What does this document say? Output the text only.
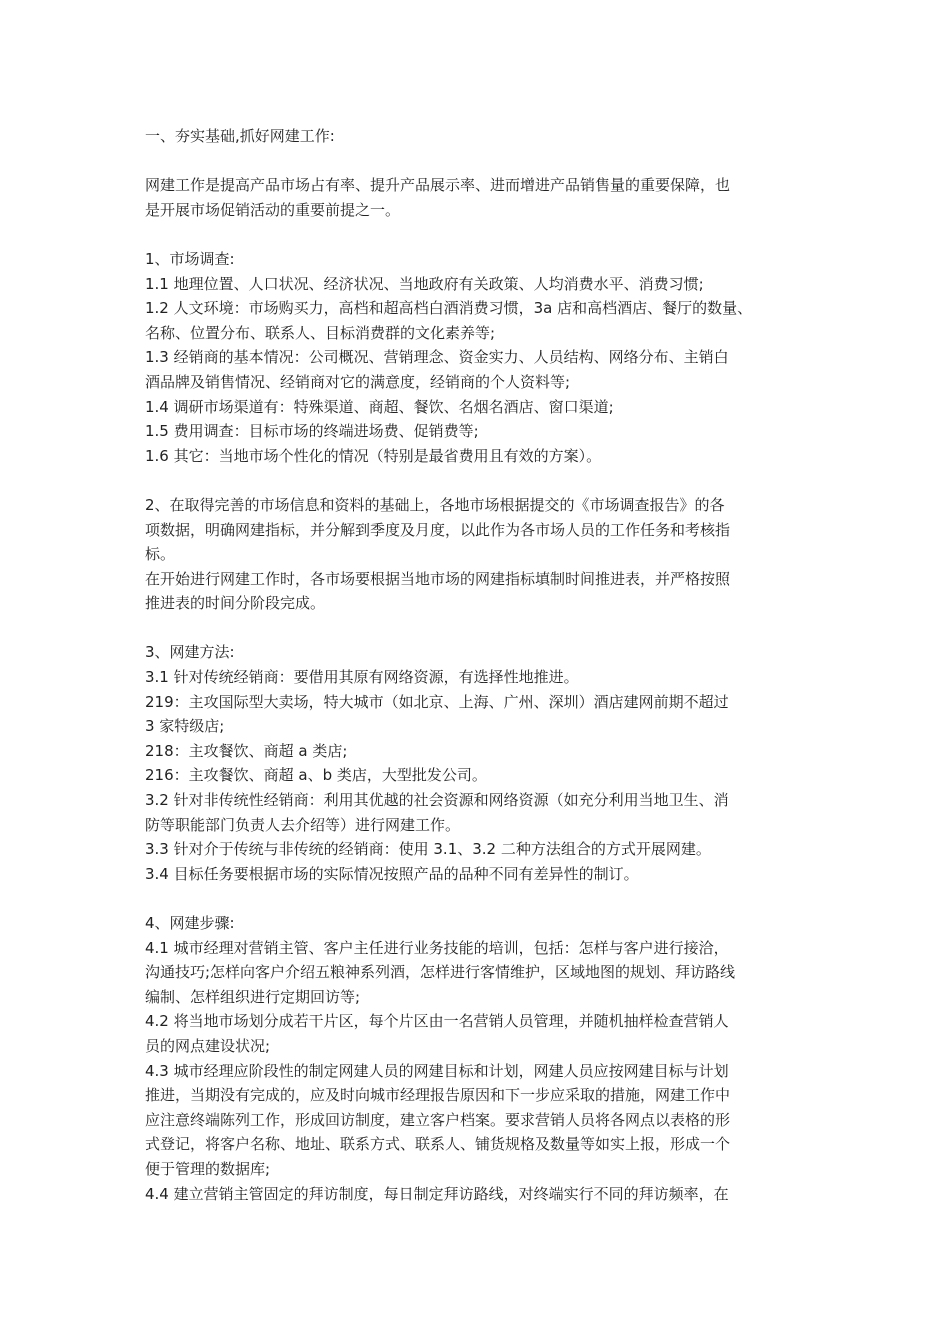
一、夯实基础,抓好网建工作:

网建工作是提高产品市场占有率、提升产品展示率、进而增进产品销售量的重要保障，也

是开展市场促销活动的重要前提之一。

1、市场调查:

1.1 地理位置、人口状况、经济状况、当地政府有关政策、人均消费水平、消费习惯;

1.2 人文环境：市场购买力，高档和超高档白酒消费习惯，3a 店和高档酒店、餐厅的数量、

名称、位置分布、联系人、目标消费群的文化素养等;

1.3 经销商的基本情况：公司概况、营销理念、资金实力、人员结构、网络分布、主销白

酒品牌及销售情况、经销商对它的满意度，经销商的个人资料等;

1.4 调研市场渠道有：特殊渠道、商超、餐饮、名烟名酒店、窗口渠道;

1.5 费用调查：目标市场的终端进场费、促销费等;

1.6 其它：当地市场个性化的情况（特别是最省费用且有效的方案）。

2、在取得完善的市场信息和资料的基础上，各地市场根据提交的《市场调查报告》的各

项数据，明确网建指标，并分解到季度及月度，以此作为各市场人员的工作任务和考核指

标。

在开始进行网建工作时，各市场要根据当地市场的网建指标填制时间推进表，并严格按照

推进表的时间分阶段完成。

3、网建方法:

3.1 针对传统经销商：要借用其原有网络资源，有选择性地推进。

219：主攻国际型大卖场，特大城市（如北京、上海、广州、深圳）酒店建网前期不超过

3 家特级店;

218：主攻餐饮、商超 a 类店;

216：主攻餐饮、商超 a、b 类店，大型批发公司。

3.2 针对非传统性经销商：利用其优越的社会资源和网络资源（如充分利用当地卫生、消

防等职能部门负责人去介绍等）进行网建工作。

3.3 针对介于传统与非传统的经销商：使用 3.1、3.2 二种方法组合的方式开展网建。

3.4 目标任务要根据市场的实际情况按照产品的品种不同有差异性的制订。

4、网建步骤:

4.1 城市经理对营销主管、客户主任进行业务技能的培训，包括：怎样与客户进行接洽，

沟通技巧;怎样向客户介绍五粮神系列酒，怎样进行客情维护，区域地图的规划、拜访路线

编制、怎样组织进行定期回访等;

4.2 将当地市场划分成若干片区，每个片区由一名营销人员管理，并随机抽样检查营销人

员的网点建设状况;

4.3 城市经理应阶段性的制定网建人员的网建目标和计划，网建人员应按网建目标与计划

推进，当期没有完成的，应及时向城市经理报告原因和下一步应采取的措施，网建工作中

应注意终端陈列工作，形成回访制度，建立客户档案。要求营销人员将各网点以表格的形

式登记，将客户名称、地址、联系方式、联系人、铺货规格及数量等如实上报，形成一个

便于管理的数据库;

4.4 建立营销主管固定的拜访制度，每日制定拜访路线，对终端实行不同的拜访频率，在
